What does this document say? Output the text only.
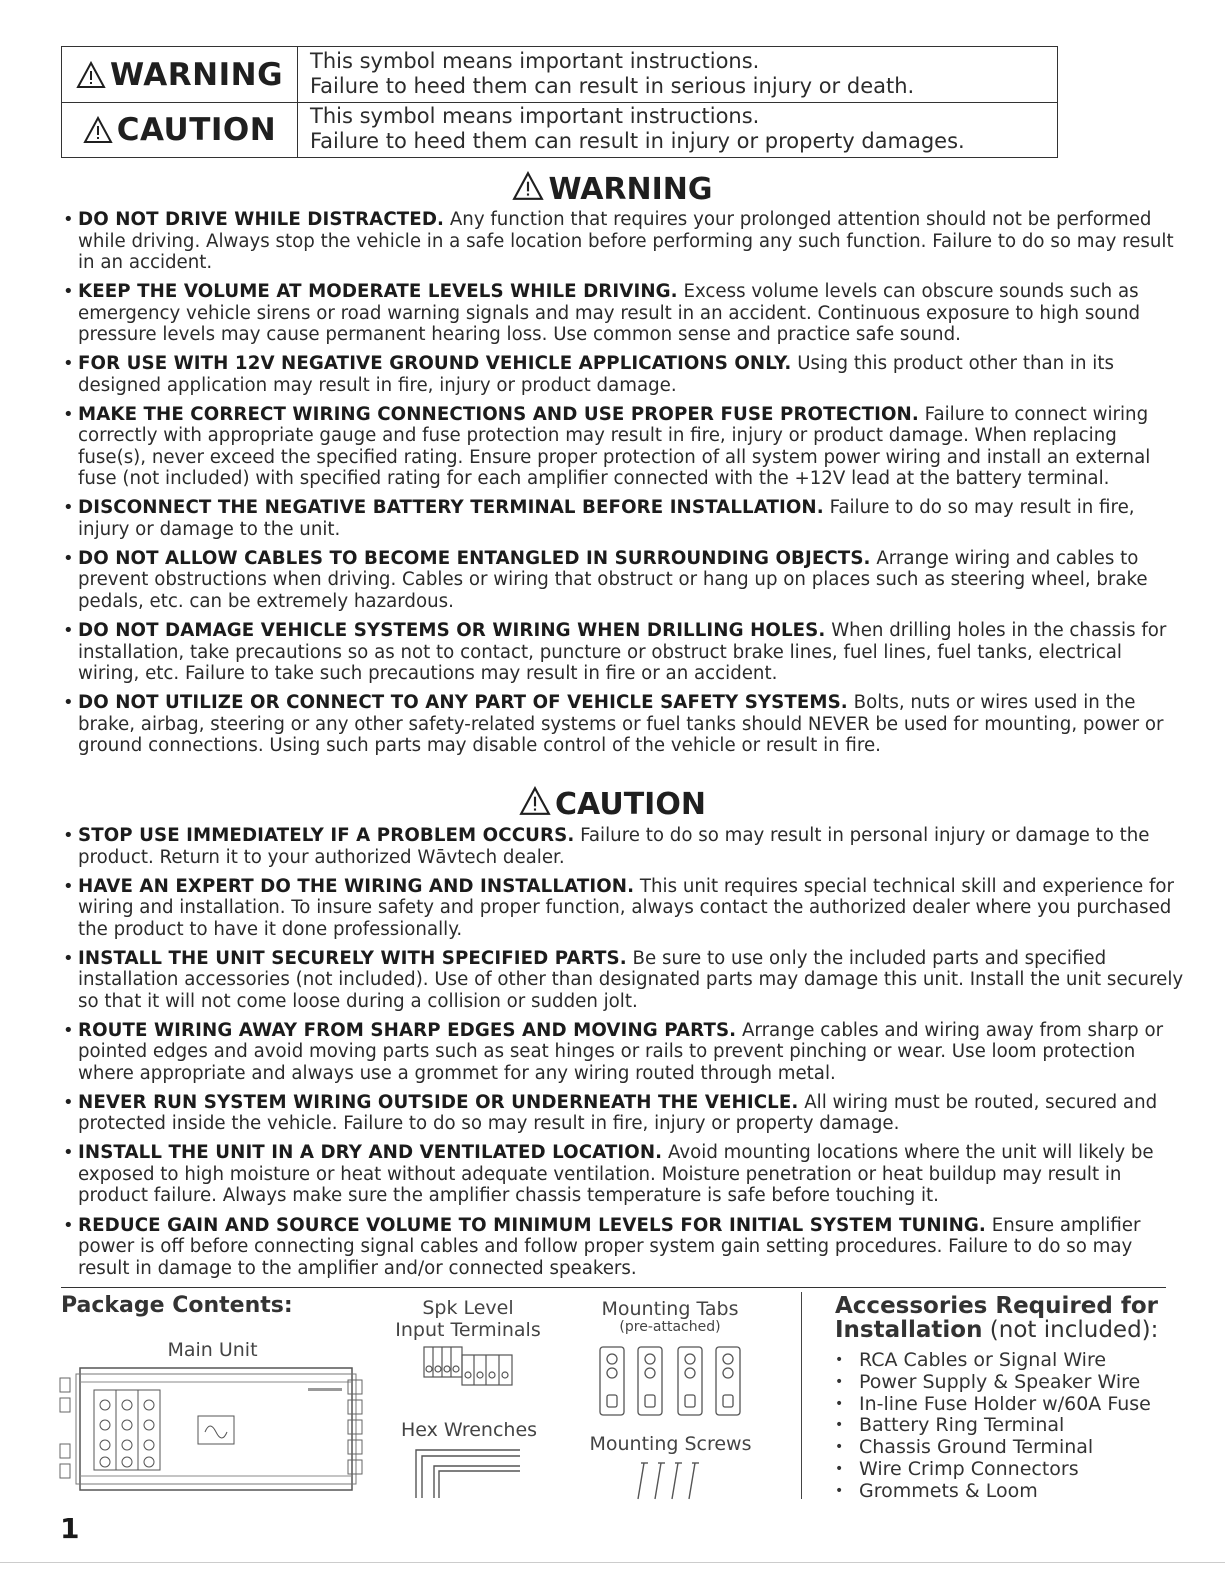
WARNING This symbol means important instructions.
Failure to heed them can result in serious injury or death.
CAUTION This symbol means important instructions.
Failure to heed them can result in injury or property damages.
WARNING
• DO NOT DRIVE WHILE DISTRACTED. Any function that requires your prolonged attention should not be performed while driving. Always stop the vehicle in a safe location before performing any such function. Failure to do so may result in an accident.
• KEEP THE VOLUME AT MODERATE LEVELS WHILE DRIVING. Excess volume levels can obscure sounds such as emergency vehicle sirens or road warning signals and may result in an accident. Continuous exposure to high sound pressure levels may cause permanent hearing loss. Use common sense and practice safe sound.
• FOR USE WITH 12V NEGATIVE GROUND VEHICLE APPLICATIONS ONLY. Using this product other than in its designed application may result in fire, injury or product damage.
• MAKE THE CORRECT WIRING CONNECTIONS AND USE PROPER FUSE PROTECTION. Failure to connect wiring correctly with appropriate gauge and fuse protection may result in fire, injury or product damage. When replacing fuse(s), never exceed the specified rating. Ensure proper protection of all system power wiring and install an external fuse (not included) with specified rating for each amplifier connected with the +12V lead at the battery terminal.
• DISCONNECT THE NEGATIVE BATTERY TERMINAL BEFORE INSTALLATION. Failure to do so may result in fire, injury or damage to the unit.
• DO NOT ALLOW CABLES TO BECOME ENTANGLED IN SURROUNDING OBJECTS. Arrange wiring and cables to prevent obstructions when driving. Cables or wiring that obstruct or hang up on places such as steering wheel, brake pedals, etc. can be extremely hazardous.
• DO NOT DAMAGE VEHICLE SYSTEMS OR WIRING WHEN DRILLING HOLES. When drilling holes in the chassis for installation, take precautions so as not to contact, puncture or obstruct brake lines, fuel lines, fuel tanks, electrical wiring, etc. Failure to take such precautions may result in fire or an accident.
• DO NOT UTILIZE OR CONNECT TO ANY PART OF VEHICLE SAFETY SYSTEMS. Bolts, nuts or wires used in the brake, airbag, steering or any other safety-related systems or fuel tanks should NEVER be used for mounting, power or ground connections. Using such parts may disable control of the vehicle or result in fire.
CAUTION
• STOP USE IMMEDIATELY IF A PROBLEM OCCURS. Failure to do so may result in personal injury or damage to the product. Return it to your authorized Wāvtech dealer.
• HAVE AN EXPERT DO THE WIRING AND INSTALLATION. This unit requires special technical skill and experience for wiring and installation. To insure safety and proper function, always contact the authorized dealer where you purchased the product to have it done professionally.
• INSTALL THE UNIT SECURELY WITH SPECIFIED PARTS. Be sure to use only the included parts and specified installation accessories (not included). Use of other than designated parts may damage this unit. Install the unit securely so that it will not come loose during a collision or sudden jolt.
• ROUTE WIRING AWAY FROM SHARP EDGES AND MOVING PARTS. Arrange cables and wiring away from sharp or pointed edges and avoid moving parts such as seat hinges or rails to prevent pinching or wear. Use loom protection where appropriate and always use a grommet for any wiring routed through metal.
• NEVER RUN SYSTEM WIRING OUTSIDE OR UNDERNEATH THE VEHICLE. All wiring must be routed, secured and protected inside the vehicle. Failure to do so may result in fire, injury or property damage.
• INSTALL THE UNIT IN A DRY AND VENTILATED LOCATION. Avoid mounting locations where the unit will likely be exposed to high moisture or heat without adequate ventilation. Moisture penetration or heat buildup may result in product failure. Always make sure the amplifier chassis temperature is safe before touching it.
• REDUCE GAIN AND SOURCE VOLUME TO MINIMUM LEVELS FOR INITIAL SYSTEM TUNING. Ensure amplifier power is off before connecting signal cables and follow proper system gain setting procedures. Failure to do so may result in damage to the amplifier and/or connected speakers.
Package Contents:
Main Unit
Spk Level
Input Terminals
Hex Wrenches
Mounting Tabs
(pre-attached)
Mounting Screws
Accessories Required for
Installation (not included):
• RCA Cables or Signal Wire
• Power Supply & Speaker Wire
• In-line Fuse Holder w/60A Fuse
• Battery Ring Terminal
• Chassis Ground Terminal
• Wire Crimp Connectors
• Grommets & Loom
1
